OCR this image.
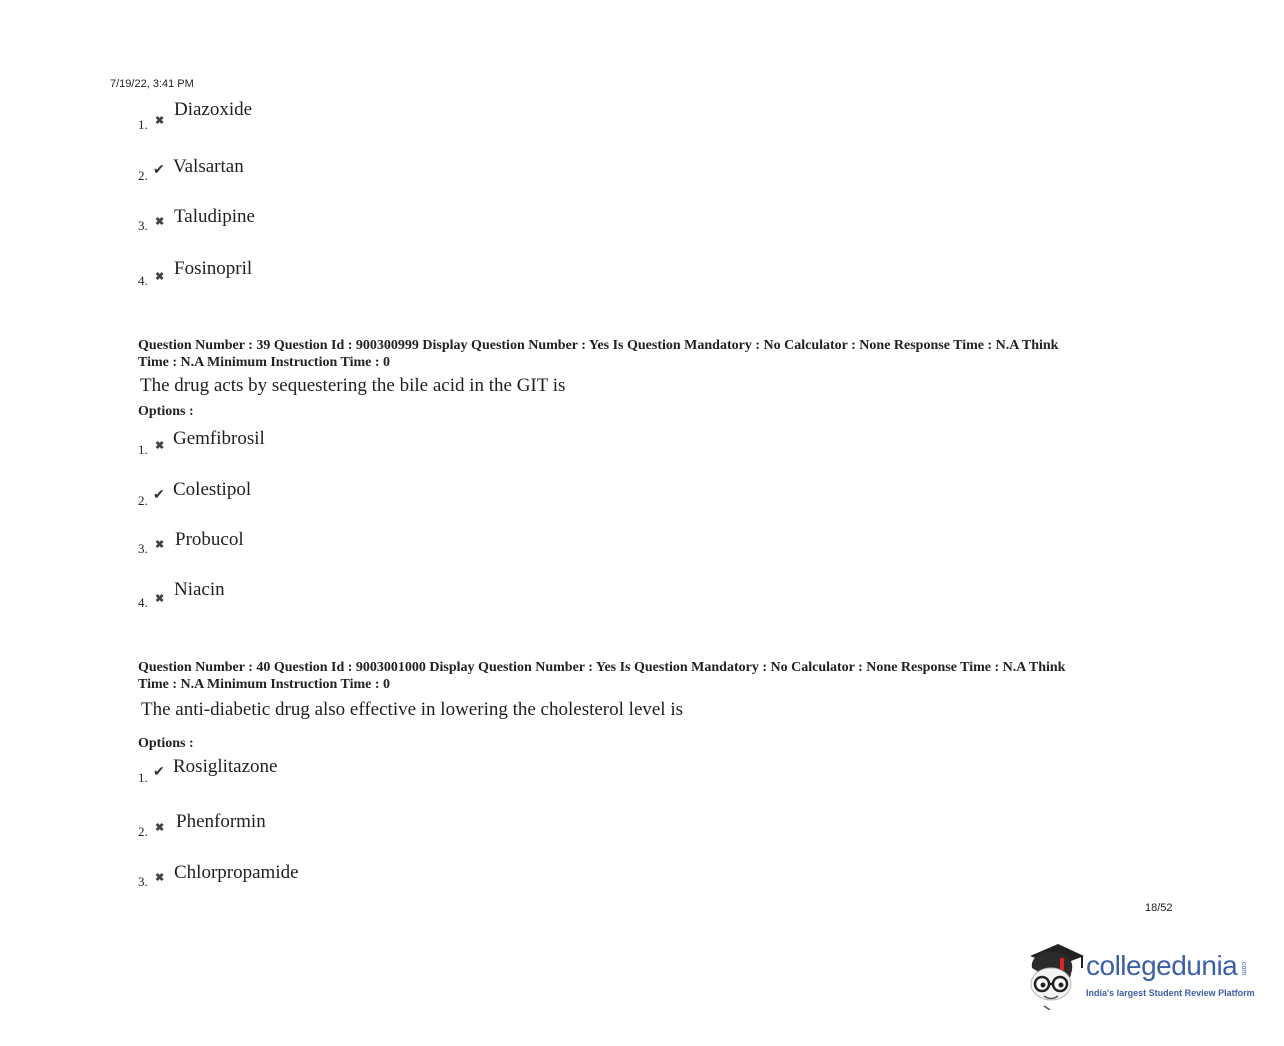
7/19/22, 3:41 PM
1. ✖
Diazoxide
2. ✔ Valsartan
3. ✖ Taludipine
4. ✖ Fosinopril
Question Number : 39 Question Id : 900300999 Display Question Number : Yes Is Question Mandatory : No Calculator : None Response Time : N.A Think
Time : N.A Minimum Instruction Time : 0
The drug acts by sequestering the bile acid in the GIT is
Options :
1. ✖ Gemfibrosil
2. ✔ Colestipol
3. ✖ Probucol
4. ✖ Niacin
Question Number : 40 Question Id : 9003001000 Display Question Number : Yes Is Question Mandatory : No Calculator : None Response Time : N.A Think
Time : N.A Minimum Instruction Time : 0
The anti-diabetic drug also effective in lowering the cholesterol level is
Options :
1. ✔ Rosiglitazone
2. ✖ Phenformin
3. ✖ Chlorpropamide
18/52
collegedunia .com
India's largest Student Review Platform
